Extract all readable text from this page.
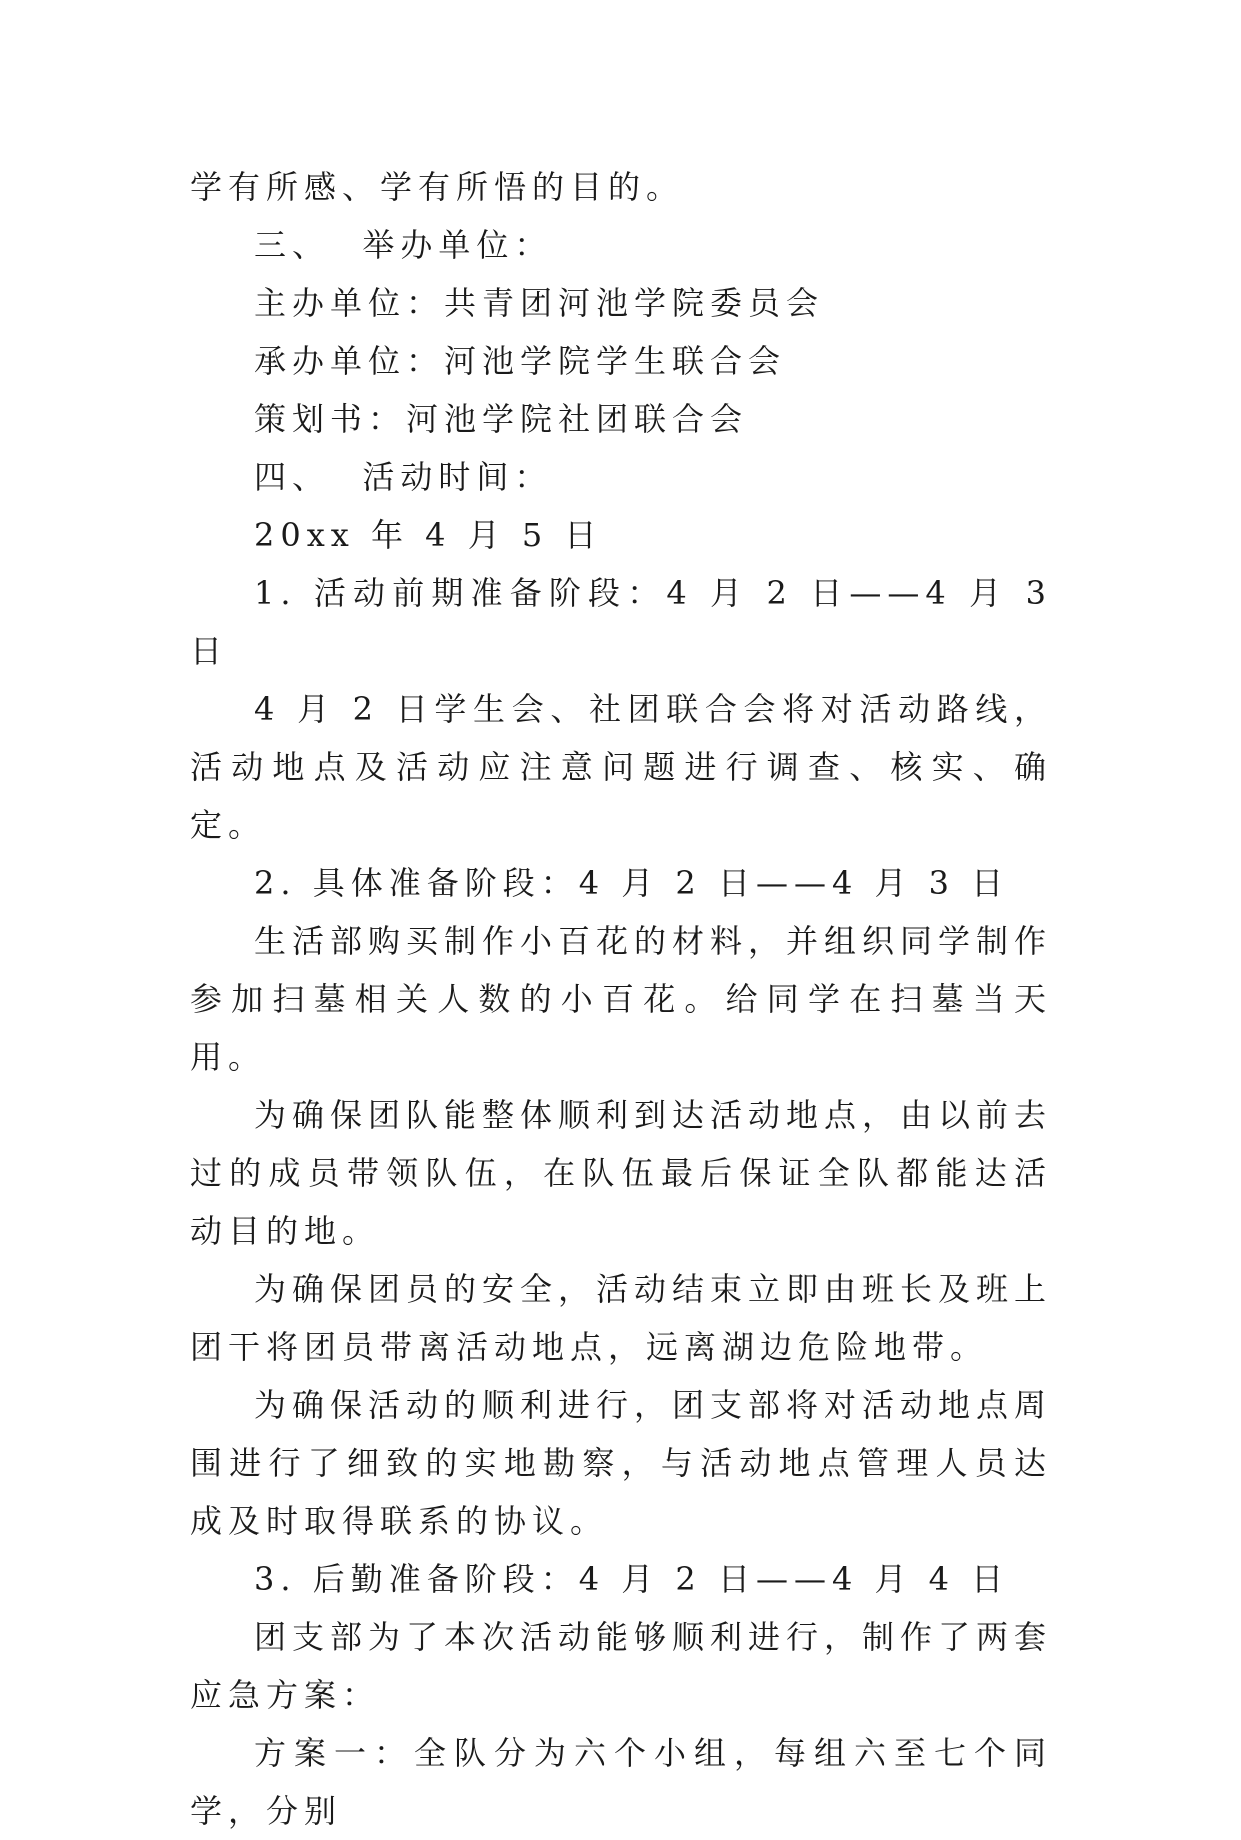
学有所感、学有所悟的目的。

三、  举办单位：

主办单位：共青团河池学院委员会

承办单位：河池学院学生联合会

策划书：河池学院社团联合会

四、  活动时间：

20xx 年 4 月 5 日

1. 活动前期准备阶段：4 月 2 日——4 月 3 日

4 月 2 日学生会、社团联合会将对活动路线，活动地点及活动应注意问题进行调查、核实、确定。

2. 具体准备阶段：4 月 2 日——4 月 3 日

生活部购买制作小百花的材料，并组织同学制作参加扫墓相关人数的小百花。给同学在扫墓当天用。

为确保团队能整体顺利到达活动地点，由以前去过的成员带领队伍，在队伍最后保证全队都能达活动目的地。

为确保团员的安全，活动结束立即由班长及班上团干将团员带离活动地点，远离湖边危险地带。

为确保活动的顺利进行，团支部将对活动地点周围进行了细致的实地勘察，与活动地点管理人员达成及时取得联系的协议。

3. 后勤准备阶段：4 月 2 日——4 月 4 日

团支部为了本次活动能够顺利进行，制作了两套应急方案：

方案一：全队分为六个小组，每组六至七个同学，分别
